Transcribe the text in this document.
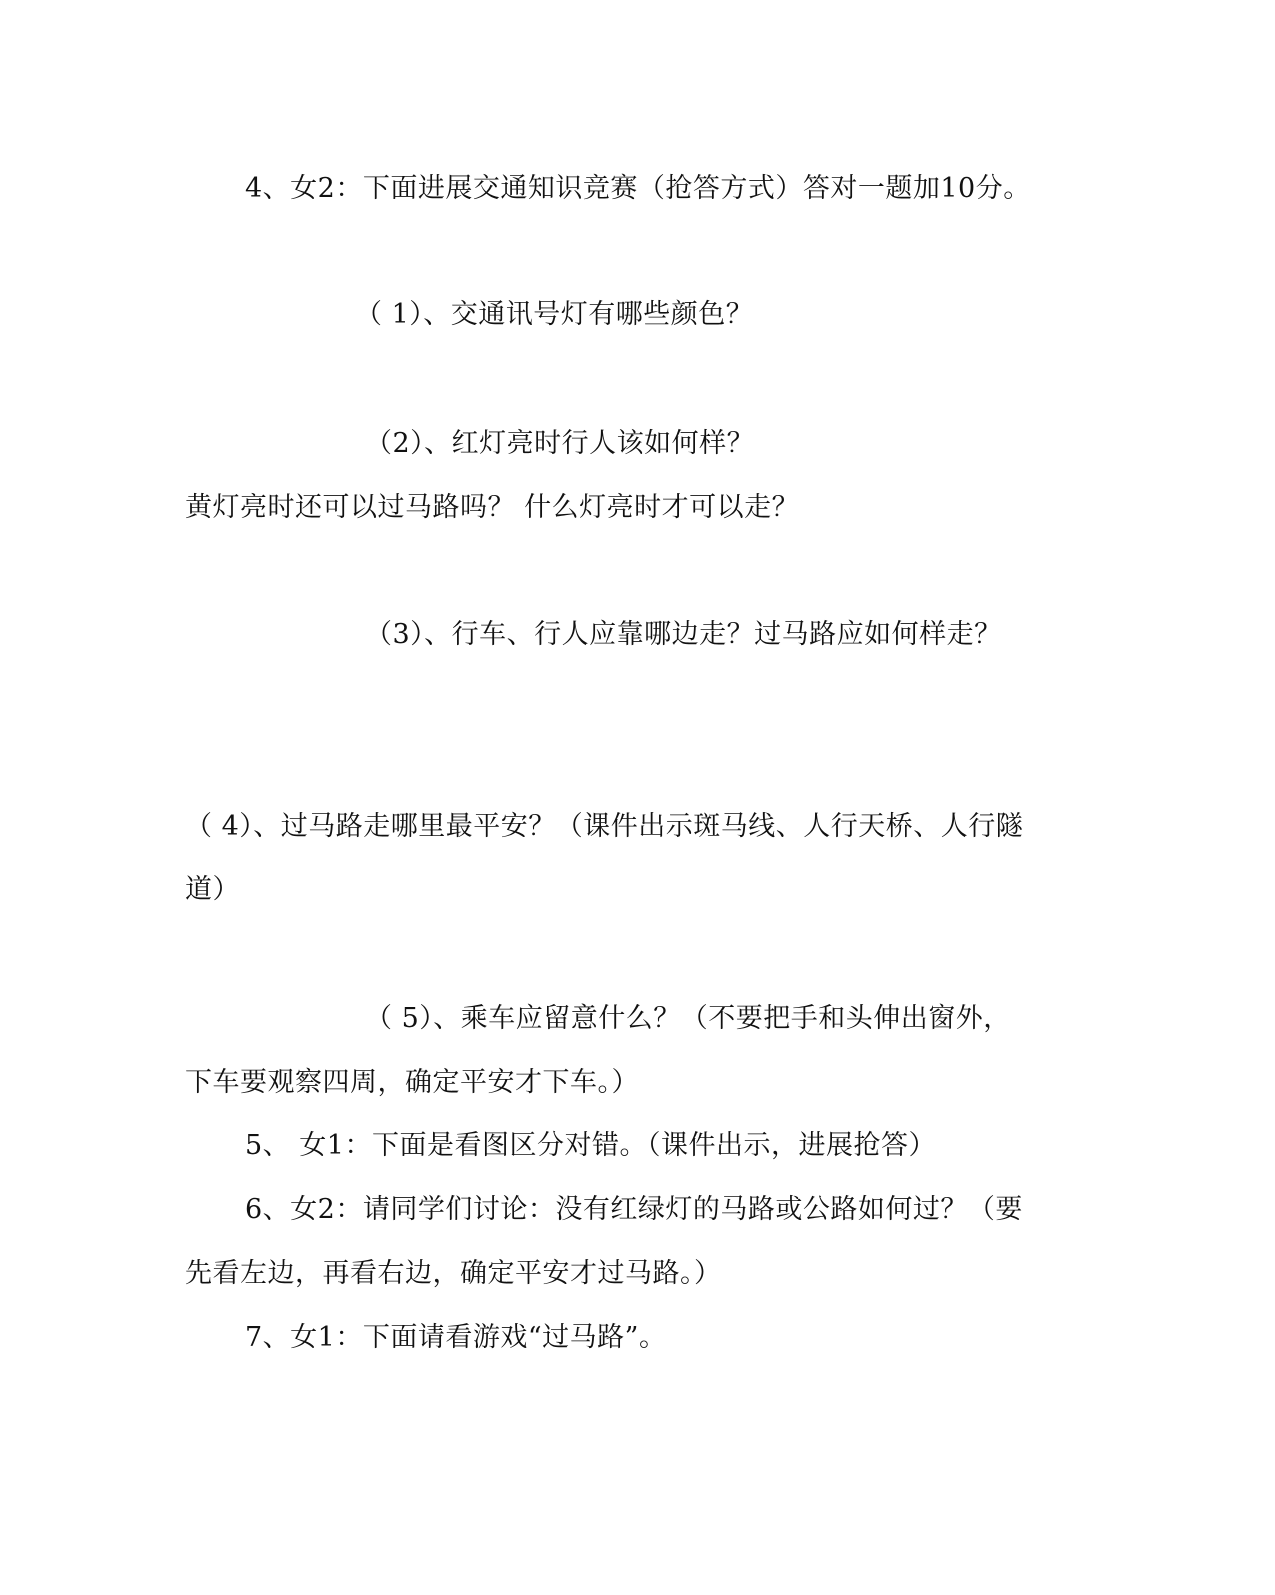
4、女2：下面进展交通知识竞赛（抢答方式）答对一题加10分。
（ 1）、交通讯号灯有哪些颜色？
（2）、红灯亮时行人该如何样？
黄灯亮时还可以过马路吗？ 什么灯亮时才可以走？
（3）、行车、行人应靠哪边走？过马路应如何样走？
（ 4）、过马路走哪里最平安？（课件出示斑马线、人行天桥、人行隧
道）
（ 5）、乘车应留意什么？（不要把手和头伸出窗外，
下车要观察四周，确定平安才下车。）
5、 女1：下面是看图区分对错。（课件出示，进展抢答）
6、女2：请同学们讨论：没有红绿灯的马路或公路如何过？（要
先看左边，再看右边，确定平安才过马路。）
7、女1：下面请看游戏“过马路”。
